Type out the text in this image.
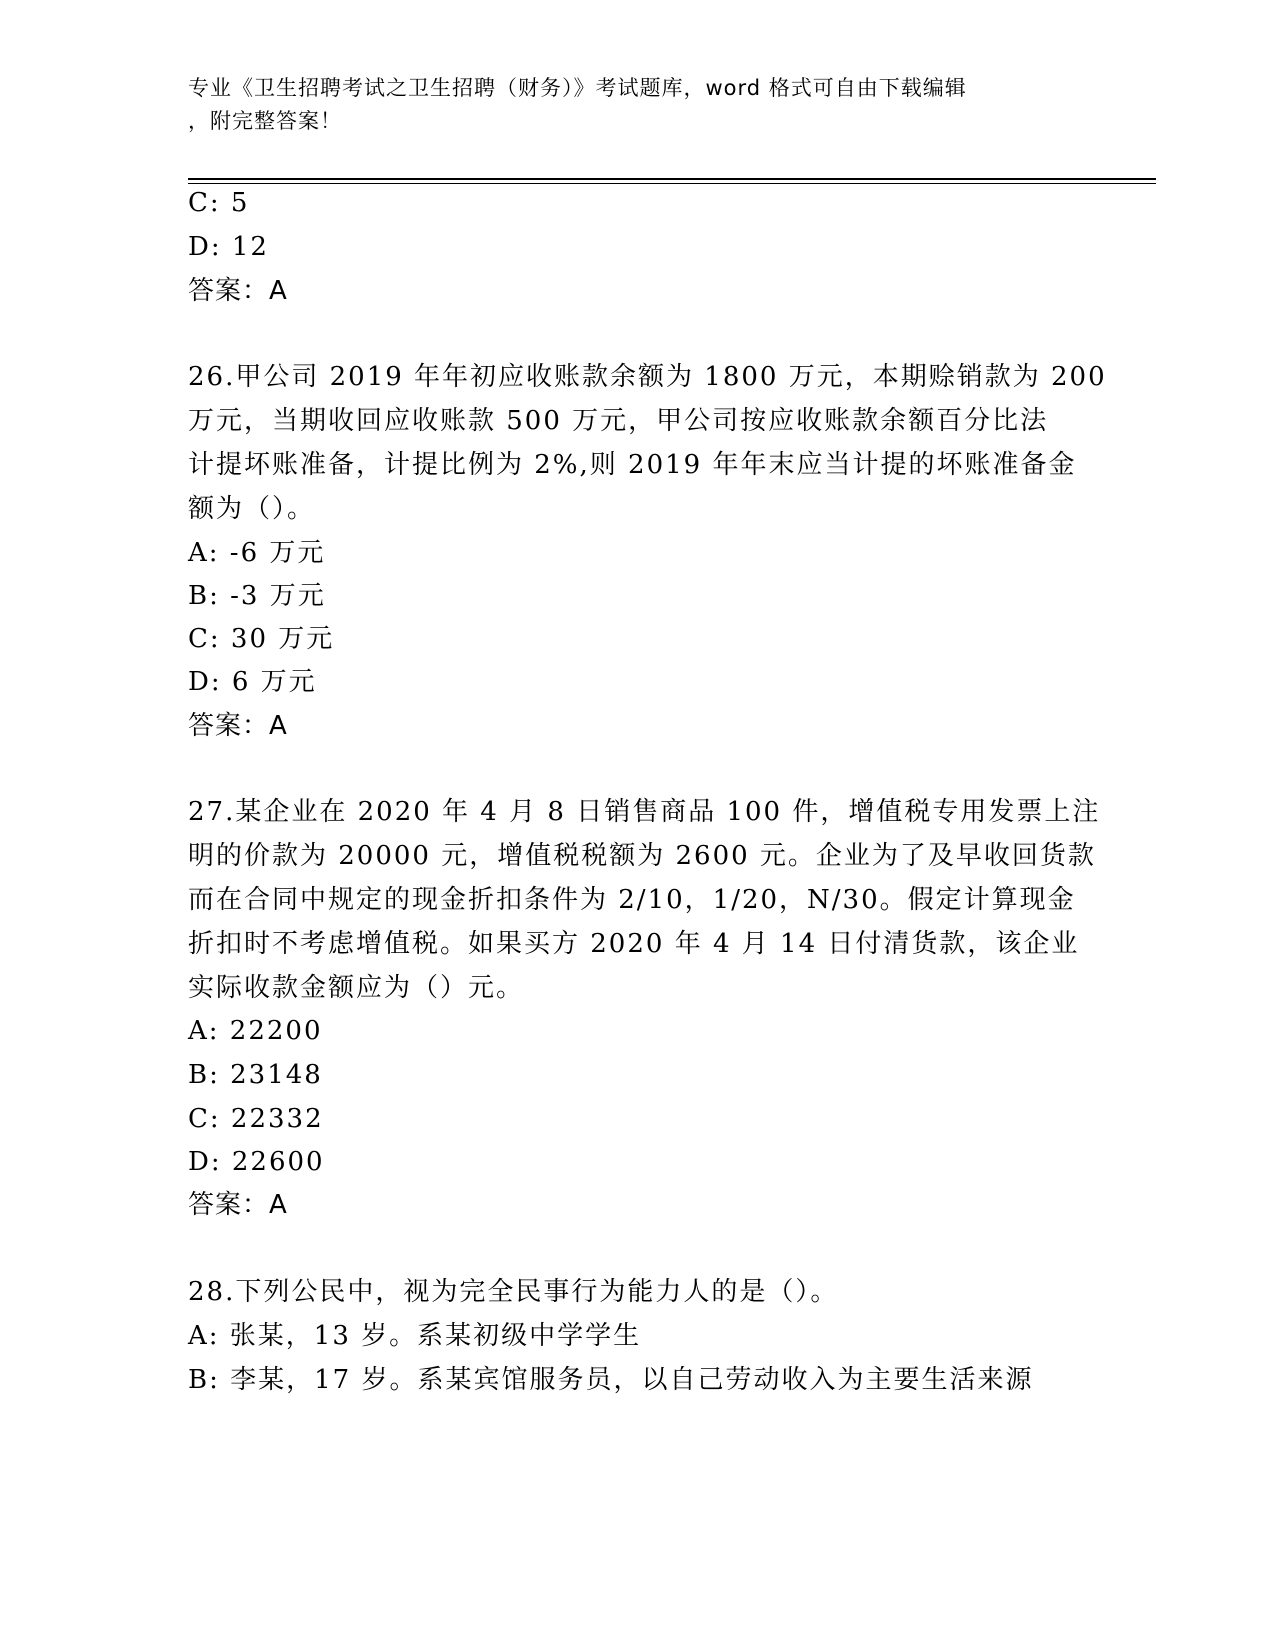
专业《卫生招聘考试之卫生招聘（财务）》考试题库，word 格式可自由下载编辑
，附完整答案！
C: 5
D: 12
答案：A
26.甲公司 2019 年年初应收账款余额为 1800 万元，本期赊销款为 200
万元，当期收回应收账款 500 万元，甲公司按应收账款余额百分比法
计提坏账准备，计提比例为 2%,则 2019 年年末应当计提的坏账准备金
额为（）。
A: -6 万元
B: -3 万元
C: 30 万元
D: 6 万元
答案：A
27.某企业在 2020 年 4 月 8 日销售商品 100 件，增值税专用发票上注
明的价款为 20000 元，增值税税额为 2600 元。企业为了及早收回货款
而在合同中规定的现金折扣条件为 2/10，1/20，N/30。假定计算现金
折扣时不考虑增值税。如果买方 2020 年 4 月 14 日付清货款，该企业
实际收款金额应为（）元。
A: 22200
B: 23148
C: 22332
D: 22600
答案：A
28.下列公民中，视为完全民事行为能力人的是（）。
A: 张某，13 岁。系某初级中学学生
B: 李某，17 岁。系某宾馆服务员，以自己劳动收入为主要生活来源
